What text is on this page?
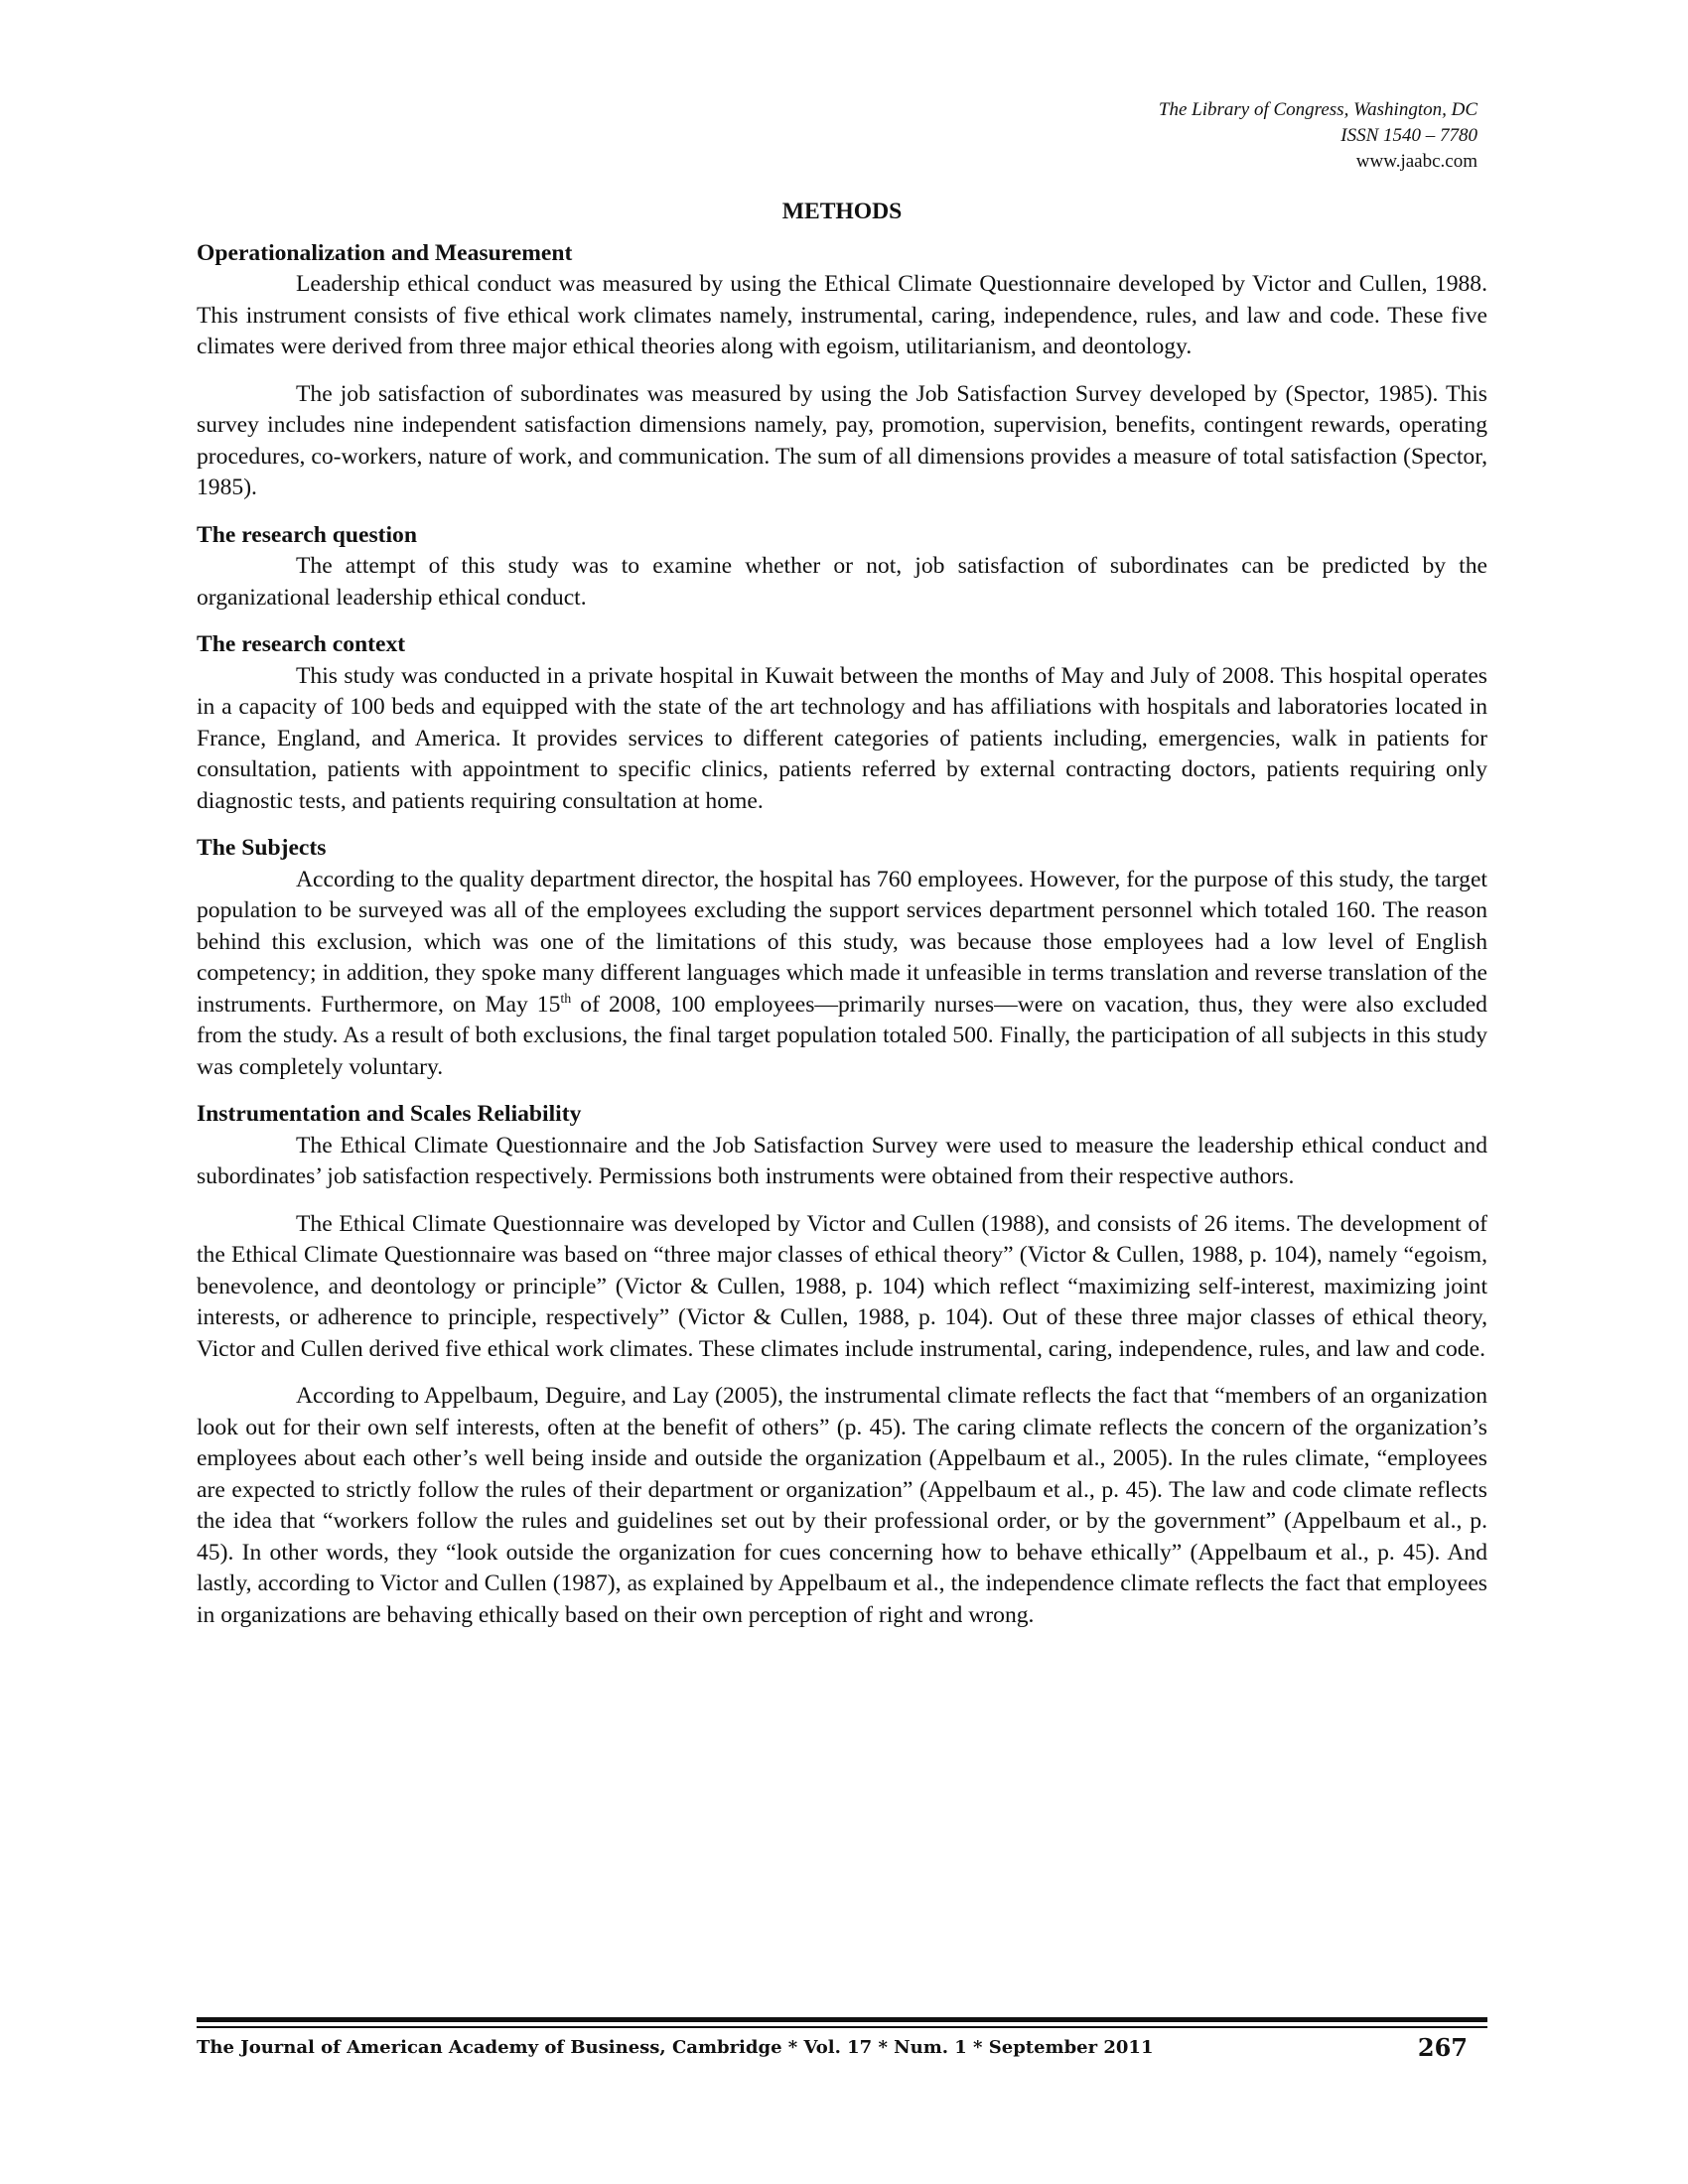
The Library of Congress, Washington, DC
ISSN 1540 – 7780
www.jaabc.com
METHODS
Operationalization and Measurement

Leadership ethical conduct was measured by using the Ethical Climate Questionnaire developed by Victor and Cullen, 1988. This instrument consists of five ethical work climates namely, instrumental, caring, independence, rules, and law and code. These five climates were derived from three major ethical theories along with egoism, utilitarianism, and deontology.

The job satisfaction of subordinates was measured by using the Job Satisfaction Survey developed by (Spector, 1985). This survey includes nine independent satisfaction dimensions namely, pay, promotion, supervision, benefits, contingent rewards, operating procedures, co-workers, nature of work, and communication. The sum of all dimensions provides a measure of total satisfaction (Spector, 1985).

The research question

The attempt of this study was to examine whether or not, job satisfaction of subordinates can be predicted by the organizational leadership ethical conduct.

The research context

This study was conducted in a private hospital in Kuwait between the months of May and July of 2008. This hospital operates in a capacity of 100 beds and equipped with the state of the art technology and has affiliations with hospitals and laboratories located in France, England, and America. It provides services to different categories of patients including, emergencies, walk in patients for consultation, patients with appointment to specific clinics, patients referred by external contracting doctors, patients requiring only diagnostic tests, and patients requiring consultation at home.

The Subjects

According to the quality department director, the hospital has 760 employees. However, for the purpose of this study, the target population to be surveyed was all of the employees excluding the support services department personnel which totaled 160. The reason behind this exclusion, which was one of the limitations of this study, was because those employees had a low level of English competency; in addition, they spoke many different languages which made it unfeasible in terms translation and reverse translation of the instruments. Furthermore, on May 15th of 2008, 100 employees—primarily nurses—were on vacation, thus, they were also excluded from the study. As a result of both exclusions, the final target population totaled 500. Finally, the participation of all subjects in this study was completely voluntary.

Instrumentation and Scales Reliability

The Ethical Climate Questionnaire and the Job Satisfaction Survey were used to measure the leadership ethical conduct and subordinates’ job satisfaction respectively. Permissions both instruments were obtained from their respective authors.

The Ethical Climate Questionnaire was developed by Victor and Cullen (1988), and consists of 26 items. The development of the Ethical Climate Questionnaire was based on “three major classes of ethical theory” (Victor & Cullen, 1988, p. 104), namely “egoism, benevolence, and deontology or principle” (Victor & Cullen, 1988, p. 104) which reflect “maximizing self-interest, maximizing joint interests, or adherence to principle, respectively” (Victor & Cullen, 1988, p. 104). Out of these three major classes of ethical theory, Victor and Cullen derived five ethical work climates. These climates include instrumental, caring, independence, rules, and law and code.

According to Appelbaum, Deguire, and Lay (2005), the instrumental climate reflects the fact that “members of an organization look out for their own self interests, often at the benefit of others” (p. 45). The caring climate reflects the concern of the organization’s employees about each other’s well being inside and outside the organization (Appelbaum et al., 2005). In the rules climate, “employees are expected to strictly follow the rules of their department or organization” (Appelbaum et al., p. 45). The law and code climate reflects the idea that “workers follow the rules and guidelines set out by their professional order, or by the government” (Appelbaum et al., p. 45). In other words, they “look outside the organization for cues concerning how to behave ethically” (Appelbaum et al., p. 45). And lastly, according to Victor and Cullen (1987), as explained by Appelbaum et al., the independence climate reflects the fact that employees in organizations are behaving ethically based on their own perception of right and wrong.

The Journal of American Academy of Business, Cambridge * Vol. 17 * Num. 1 * September 2011	267
